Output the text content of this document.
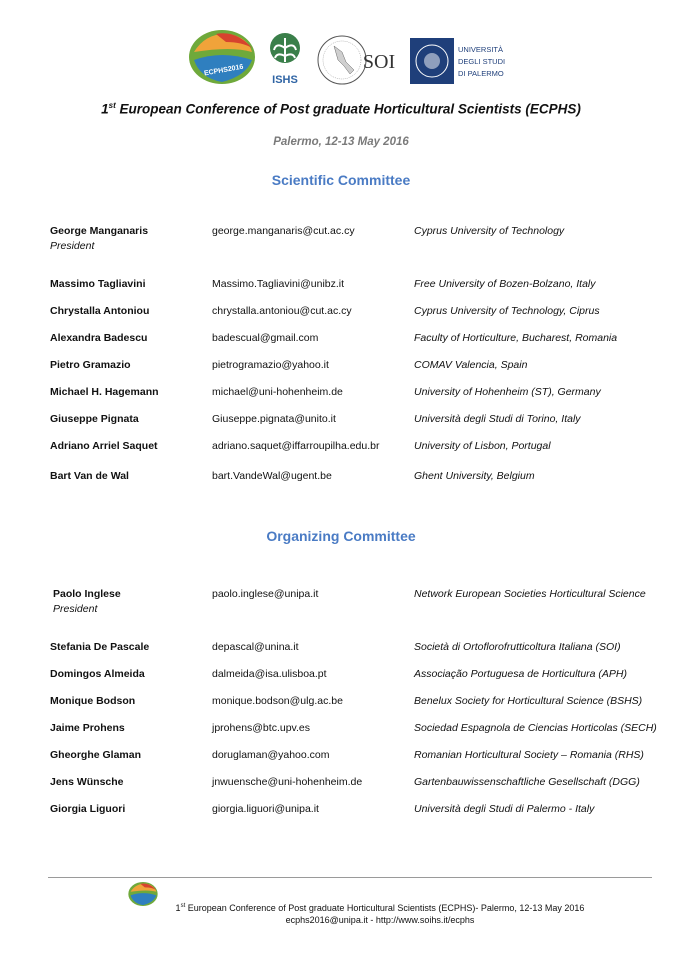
ECPHS2016
ISHS
SOI
UNIVERSITÀ
DEGLI STUDI
DI PALERMO
1st European Conference of Post graduate Horticultural Scientists (ECPHS)
Palermo, 12-13 May 2016
Scientific Committee
George Manganaris
President
george.manganaris@cut.ac.cy	Cyprus University of Technology
Massimo Tagliavini	Massimo.Tagliavini@unibz.it	Free University of Bozen-Bolzano, Italy
Chrystalla Antoniou	chrystalla.antoniou@cut.ac.cy	Cyprus University of Technology, Ciprus
Alexandra Badescu	badescual@gmail.com	Faculty of Horticulture, Bucharest, Romania
Pietro Gramazio	pietrogramazio@yahoo.it	COMAV Valencia, Spain
Michael H. Hagemann	michael@uni-hohenheim.de	University of Hohenheim (ST), Germany
Giuseppe Pignata	Giuseppe.pignata@unito.it	Università degli Studi di Torino, Italy
Adriano Arriel Saquet	adriano.saquet@iffarroupilha.edu.br	University of Lisbon, Portugal
Bart Van de Wal	bart.VandeWal@ugent.be	Ghent University, Belgium
Organizing Committee
Paolo Inglese
President
paolo.inglese@unipa.it	Network European Societies Horticultural Science
Stefania De Pascale	depascal@unina.it	Società di Ortoflorofrutticoltura Italiana (SOI)
Domingos Almeida	dalmeida@isa.ulisboa.pt	Associação Portuguesa de Horticultura (APH)
Monique Bodson	monique.bodson@ulg.ac.be	Benelux Society for Horticultural Science (BSHS)
Jaime Prohens	jprohens@btc.upv.es	Sociedad Espagnola de Ciencias Horticolas (SECH)
Gheorghe Glaman	doruglaman@yahoo.com	Romanian Horticultural Society – Romania (RHS)
Jens Wünsche	jnwuensche@uni-hohenheim.de	Gartenbauwissenschaftliche Gesellschaft (DGG)
Giorgia Liguori	giorgia.liguori@unipa.it	Università degli Studi di Palermo - Italy
1st European Conference of Post graduate Horticultural Scientists (ECPHS)- Palermo, 12-13 May 2016
ecphs2016@unipa.it - http://www.soihs.it/ecphs
